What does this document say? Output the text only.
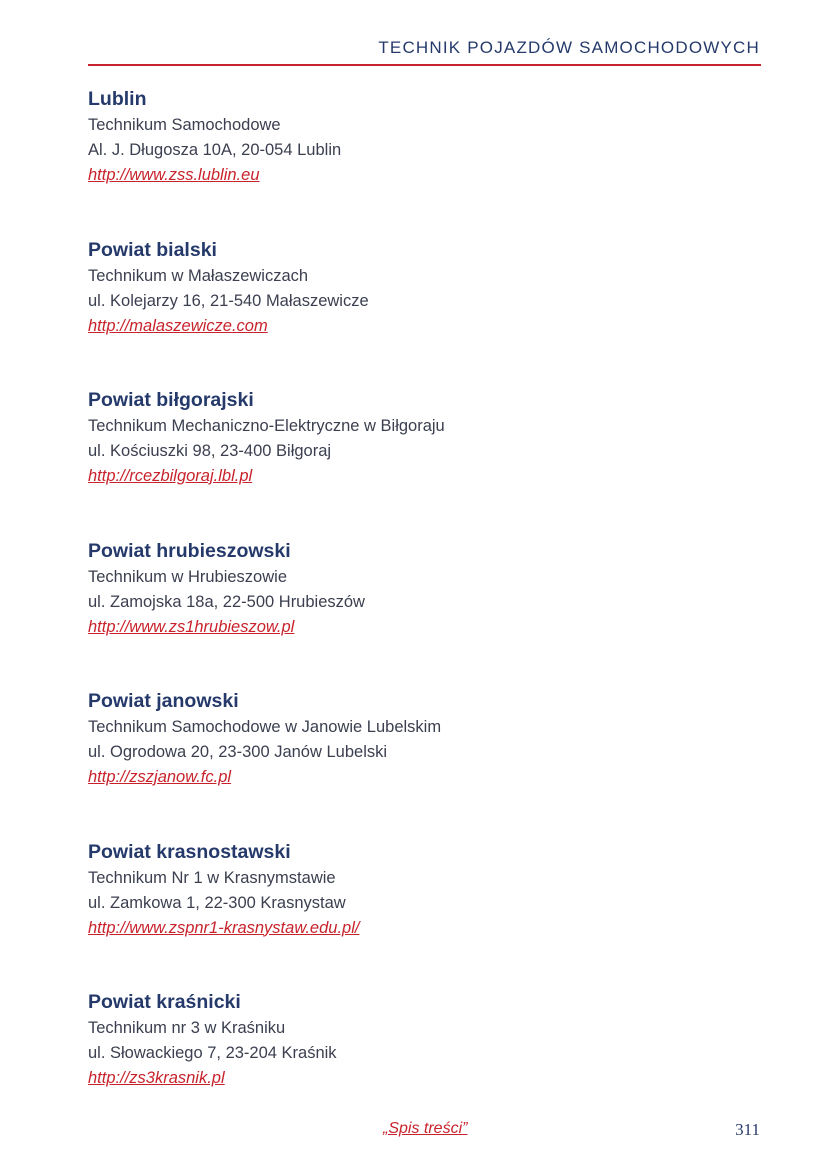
TECHNIK POJAZDÓW SAMOCHODOWYCH
Lublin
Technikum Samochodowe
Al. J. Długosza 10A, 20-054 Lublin
http://www.zss.lublin.eu
Powiat bialski
Technikum w Małaszewiczach
ul. Kolejarzy 16, 21-540 Małaszewicze
http://malaszewicze.com
Powiat biłgorajski
Technikum Mechaniczno-Elektryczne w Biłgoraju
ul. Kościuszki 98, 23-400 Biłgoraj
http://rcezbilgoraj.lbl.pl
Powiat hrubieszowski
Technikum w Hrubieszowie
ul. Zamojska 18a, 22-500 Hrubieszów
http://www.zs1hrubieszow.pl
Powiat janowski
Technikum Samochodowe w Janowie Lubelskim
ul. Ogrodowa 20, 23-300 Janów Lubelski
http://zszjanow.fc.pl
Powiat krasnostawski
Technikum Nr 1 w Krasnymstawie
ul. Zamkowa 1, 22-300 Krasnystaw
http://www.zspnr1-krasnystaw.edu.pl/
Powiat kraśnicki
Technikum nr 3 w Kraśniku
ul. Słowackiego 7, 23-204 Kraśnik
http://zs3krasnik.pl
„Spis treści”	311
